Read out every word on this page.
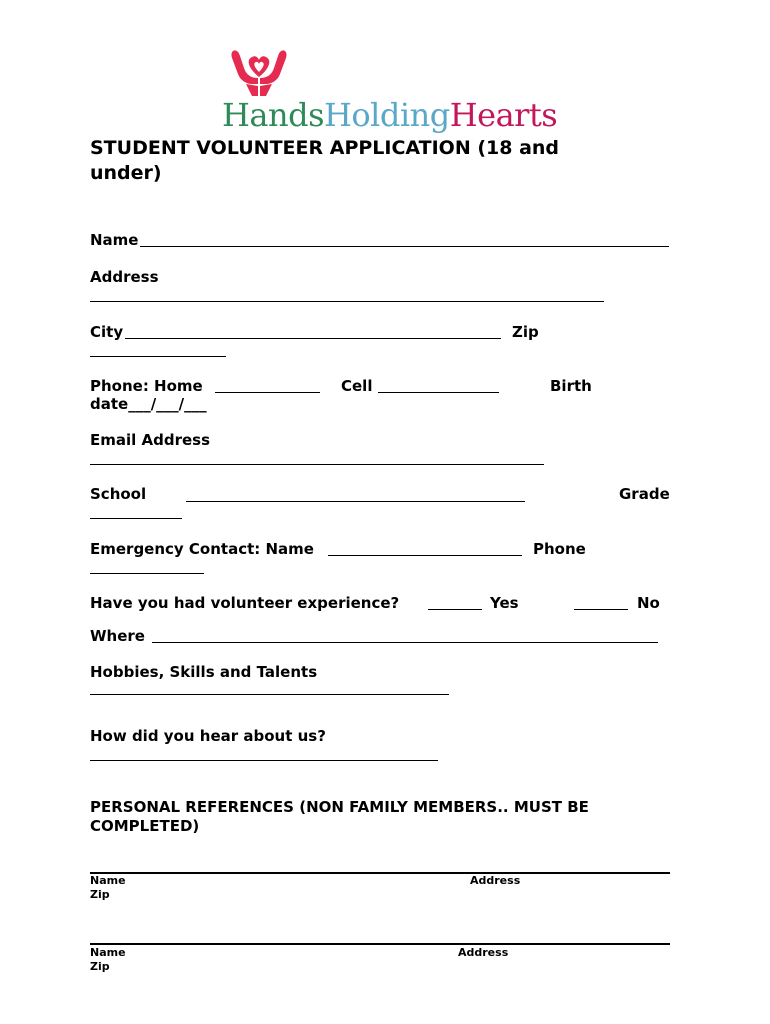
HandsHoldingHearts
STUDENT VOLUNTEER APPLICATION (18 and
under)
Name
Address
City	Zip
Phone: Home	Cell	Birth
date___/___/___
Email Address
School	Grade
Emergency Contact: Name	Phone
Have you had volunteer experience?	Yes	No
Where
Hobbies, Skills and Talents
How did you hear about us?
PERSONAL REFERENCES (NON FAMILY MEMBERS.. MUST BE
COMPLETED)
Name	Address
Zip
Name	Address
Zip
